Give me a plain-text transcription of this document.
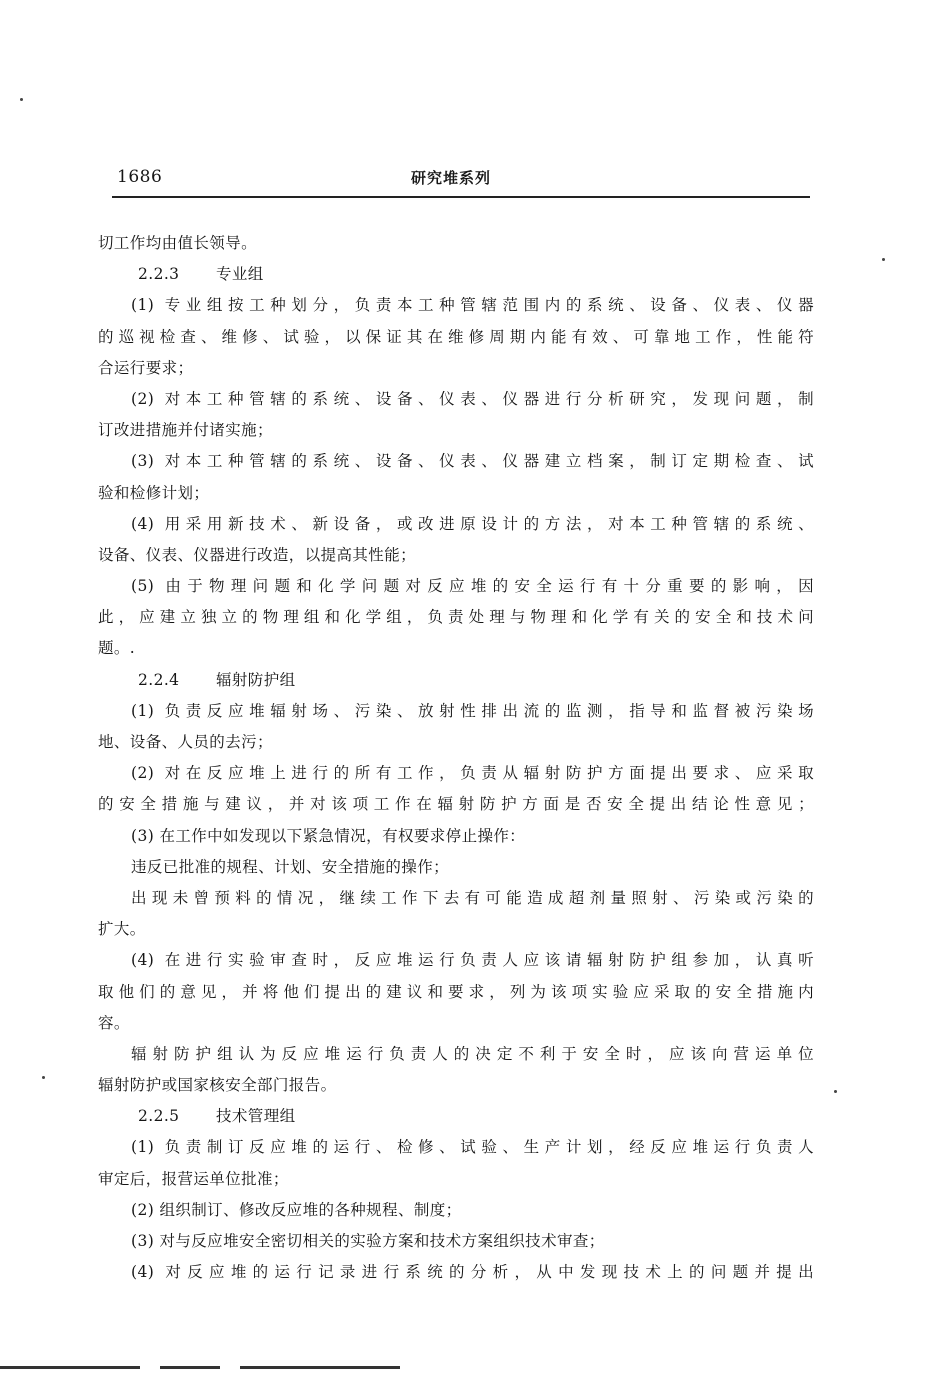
1686	研究堆系列
切工作均由值长领导。
2.2.3 专业组
(1) 专业组按工种划分，负责本工种管辖范围内的系统、设备、仪表、仪器
的巡视检查、维修、试验，以保证其在维修周期内能有效、可靠地工作，性能符
合运行要求；
(2) 对本工种管辖的系统、设备、仪表、仪器进行分析研究，发现问题，制
订改进措施并付诸实施；
(3) 对本工种管辖的系统、设备、仪表、仪器建立档案，制订定期检查、试
验和检修计划；
(4) 用采用新技术、新设备，或改进原设计的方法，对本工种管辖的系统、
设备、仪表、仪器进行改造，以提高其性能；
(5) 由于物理问题和化学问题对反应堆的安全运行有十分重要的影响，因
此，应建立独立的物理组和化学组，负责处理与物理和化学有关的安全和技术问
题。.
2.2.4 辐射防护组
(1) 负责反应堆辐射场、污染、放射性排出流的监测，指导和监督被污染场
地、设备、人员的去污；
(2) 对在反应堆上进行的所有工作，负责从辐射防护方面提出要求、应采取
的安全措施与建议，并对该项工作在辐射防护方面是否安全提出结论性意见；
(3) 在工作中如发现以下紧急情况，有权要求停止操作：
违反已批准的规程、计划、安全措施的操作；
出现未曾预料的情况，继续工作下去有可能造成超剂量照射、污染或污染的
扩大。
(4) 在进行实验审查时，反应堆运行负责人应该请辐射防护组参加，认真听
取他们的意见，并将他们提出的建议和要求，列为该项实验应采取的安全措施内
容。
辐射防护组认为反应堆运行负责人的决定不利于安全时，应该向营运单位
辐射防护或国家核安全部门报告。
2.2.5 技术管理组
(1) 负责制订反应堆的运行、检修、试验、生产计划，经反应堆运行负责人
审定后，报营运单位批准；
(2) 组织制订、修改反应堆的各种规程、制度；
(3) 对与反应堆安全密切相关的实验方案和技术方案组织技术审查；
(4) 对反应堆的运行记录进行系统的分析，从中发现技术上的问题并提出
